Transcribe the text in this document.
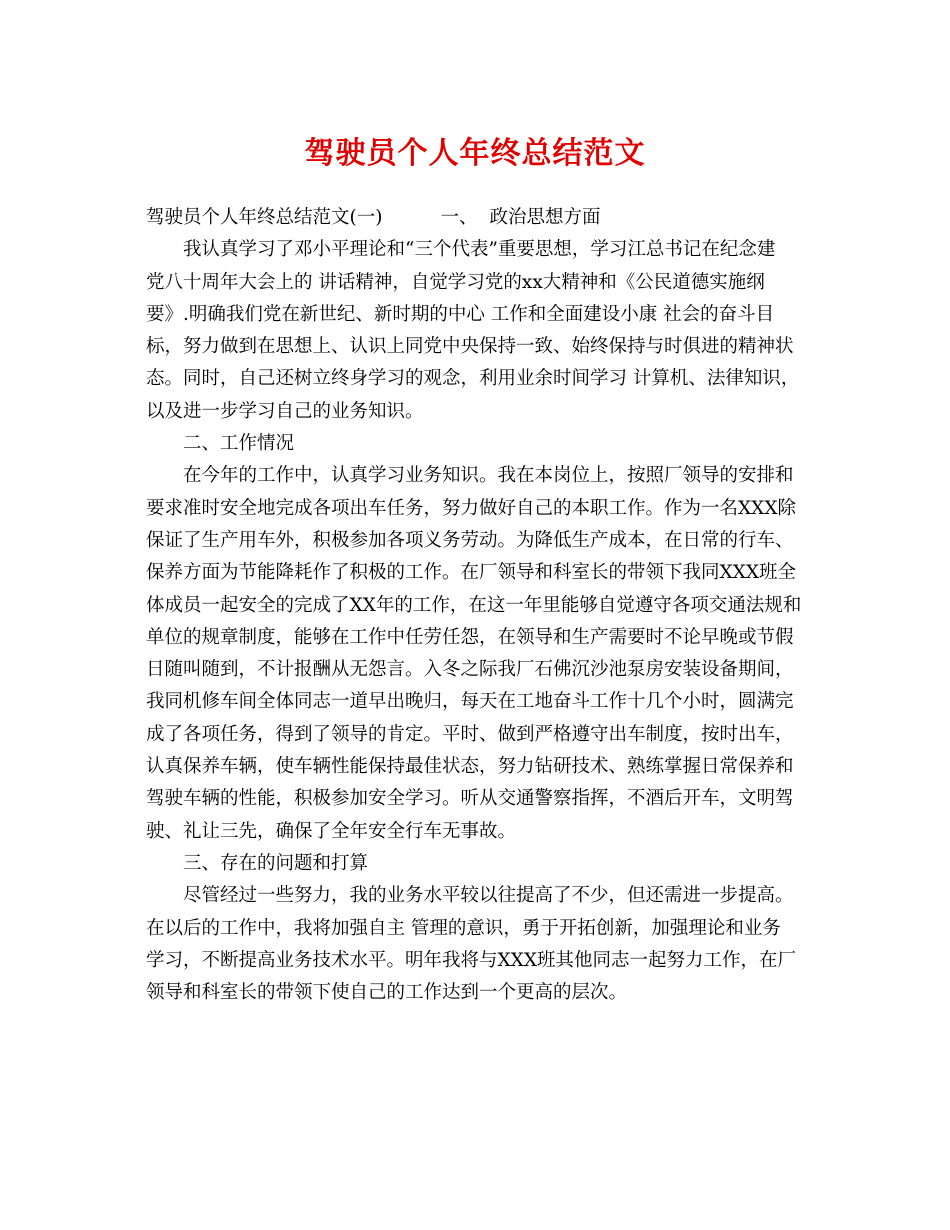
驾驶员个人年终总结范文

驾驶员个人年终总结范文(一)	一、 政治思想方面

我认真学习了邓小平理论和“三个代表”重要思想，学习江总书记在纪念建

党八十周年大会上的 讲话精神，自觉学习党的xx大精神和《公民道德实施纲

要》.明确我们党在新世纪、新时期的中心 工作和全面建设小康 社会的奋斗目

标，努力做到在思想上、认识上同党中央保持一致、始终保持与时俱进的精神状

态。同时，自己还树立终身学习的观念，利用业余时间学习 计算机、法律知识，

以及进一步学习自己的业务知识。

二、工作情况

在今年的工作中，认真学习业务知识。我在本岗位上，按照厂领导的安排和

要求准时安全地完成各项出车任务，努力做好自己的本职工作。作为一名XXX除

保证了生产用车外，积极参加各项义务劳动。为降低生产成本，在日常的行车、

保养方面为节能降耗作了积极的工作。在厂领导和科室长的带领下我同XXX班全

体成员一起安全的完成了XX年的工作，在这一年里能够自觉遵守各项交通法规和

单位的规章制度，能够在工作中任劳任怨，在领导和生产需要时不论早晚或节假

日随叫随到，不计报酬从无怨言。入冬之际我厂石佛沉沙池泵房安装设备期间，

我同机修车间全体同志一道早出晚归，每天在工地奋斗工作十几个小时，圆满完

成了各项任务，得到了领导的肯定。平时、做到严格遵守出车制度，按时出车，

认真保养车辆，使车辆性能保持最佳状态，努力钻研技术、熟练掌握日常保养和

驾驶车辆的性能，积极参加安全学习。听从交通警察指挥，不酒后开车，文明驾

驶、礼让三先，确保了全年安全行车无事故。

三、存在的问题和打算

尽管经过一些努力，我的业务水平较以往提高了不少，但还需进一步提高。

在以后的工作中，我将加强自主 管理的意识，勇于开拓创新，加强理论和业务

学习，不断提高业务技术水平。明年我将与XXX班其他同志一起努力工作，在厂

领导和科室长的带领下使自己的工作达到一个更高的层次。
